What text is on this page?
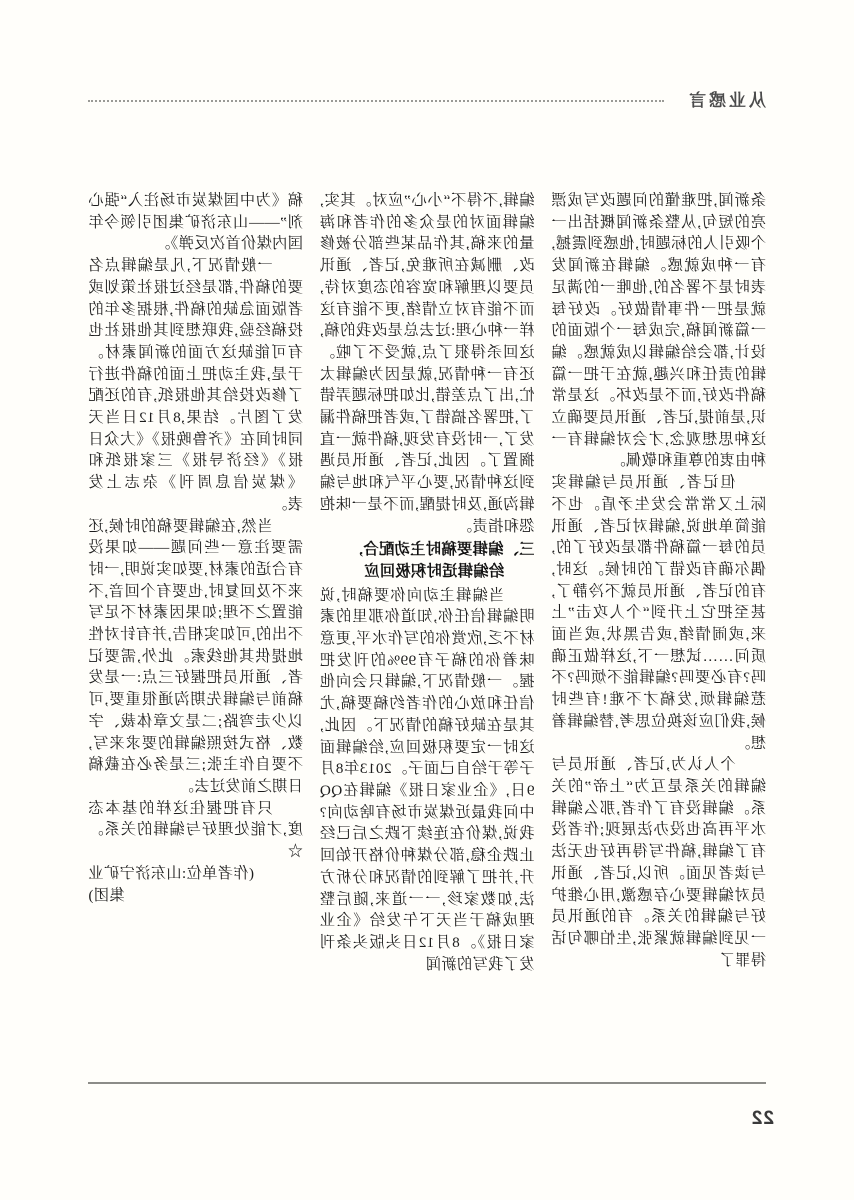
从业感言

条新闻,把难懂的问题改写成漂亮的短句,从整条新闻概括出一个吸引人的标题时,他感到震撼,有一种成就感。编辑在新闻发表时是不署名的,他唯一的满足就是把一件事情做好。改好每一篇新闻稿,完成每一个版面的设计,都会给编辑以成就感。编辑的责任和兴趣,就在于把一篇稿件改好,而不是改坏。这是常识,是前提,记者、通讯员要确立这种思想观念,才会对编辑有一种由衷的尊重和敬佩。

但记者、通讯员与编辑实际上又常常会发生矛盾。也不能简单地说,编辑对记者、通讯员的每一篇稿件都是改好了的,偶尔确有改错了的时候。这时,有的记者、通讯员就不冷静了,甚至把它上升到“个人攻击”上来,或闹情绪,或告黑状,或当面质问……试想一下,这样做正确吗?有必要吗?编辑能不烦吗?不惹编辑烦,发稿才不难!有些时候,我们应该换位思考,替编辑着想。

个人认为,记者、通讯员与编辑的关系是互为“上帝”的关系。编辑没有了作者,那么编辑水平再高也没办法展现;作者没有了编辑,稿件写得再好也无法与读者见面。所以,记者、通讯员对编辑要心存感激,用心维护好与编辑的关系。有的通讯员一见到编辑就紧张,生怕哪句话得罪了

编辑,不得不“小心”应对。其实,编辑面对的是众多的作者和海量的来稿,其作品某些部分被修改、删减在所难免,记者、通讯员要以理解和宽容的态度对待,而不能有对立情绪,更不能有这样一种心理:过去总是改我的稿,这回杀得狠了点,就受不了啦。还有一种情况,就是因为编辑太忙,出了点差错,比如把标题弄错了,把署名搞错了,或者把稿件漏发了,一时没有发现,稿件就一直搁置了。因此,记者、通讯员遇到这种情况,要心平气和地与编辑沟通,及时提醒,而不是一味抱怨和指责。

三、编辑要稿时主动配合,
给编辑适时积极回应

当编辑主动向你要稿时,说明编辑信任你,知道你那里的素材不乏,欣赏你的写作水平,更意味着你的稿子有99%的刊发把握。一般情况下,编辑只会向他信任和放心的作者约稿要稿,尤其是在缺好稿的情况下。因此,这时一定要积极回应,给编辑面子等于给自己面子。2013年8月9日,《企业家日报》编辑在QQ中问我最近煤炭市场有啥动向?我说,煤价在连续下跌之后已经止跌企稳,部分煤种价格开始回升,并把了解到的情况和分析方法,如数家珍,一一道来,随后整理成稿于当天下午发给《企业家日报》。8月12日头版头条刊发了我写的新闻

稿《为中国煤炭市场注入“强心剂”——山东济矿集团引领今年国内煤价首次反弹》。

一般情况下,凡是编辑点名要的稿件,都是经过报社策划或者版面急缺的稿件,根据多年的投稿经验,我联想到其他报社也有可能缺这方面的新闻素材。于是,我主动把上面的稿件进行了修改投给其他报纸,有的还配发了图片。结果,8月12日当天同时间在《齐鲁晚报》《大众日报》《经济导报》三家报纸和《煤炭信息周刊》杂志上发表。

当然,在编辑要稿的时候,还需要注意一些问题——如果没有合适的素材,要如实说明,一时来不及回复时,也要有个回音,不能置之不理;如果因素材不足写不出的,可如实相告,并有针对性地提供其他线索。此外,需要记者、通讯员把握好三点:一是发稿前与编辑先期沟通很重要,可以少走弯路;二是文章体裁、字数、格式按照编辑的要求来写,不要自作主张;三是务必在截稿日期之前发过去。

只有把握住这样的基本态度,才能处理好与编辑的关系。☆

(作者单位:山东济宁矿业
集团)

22
